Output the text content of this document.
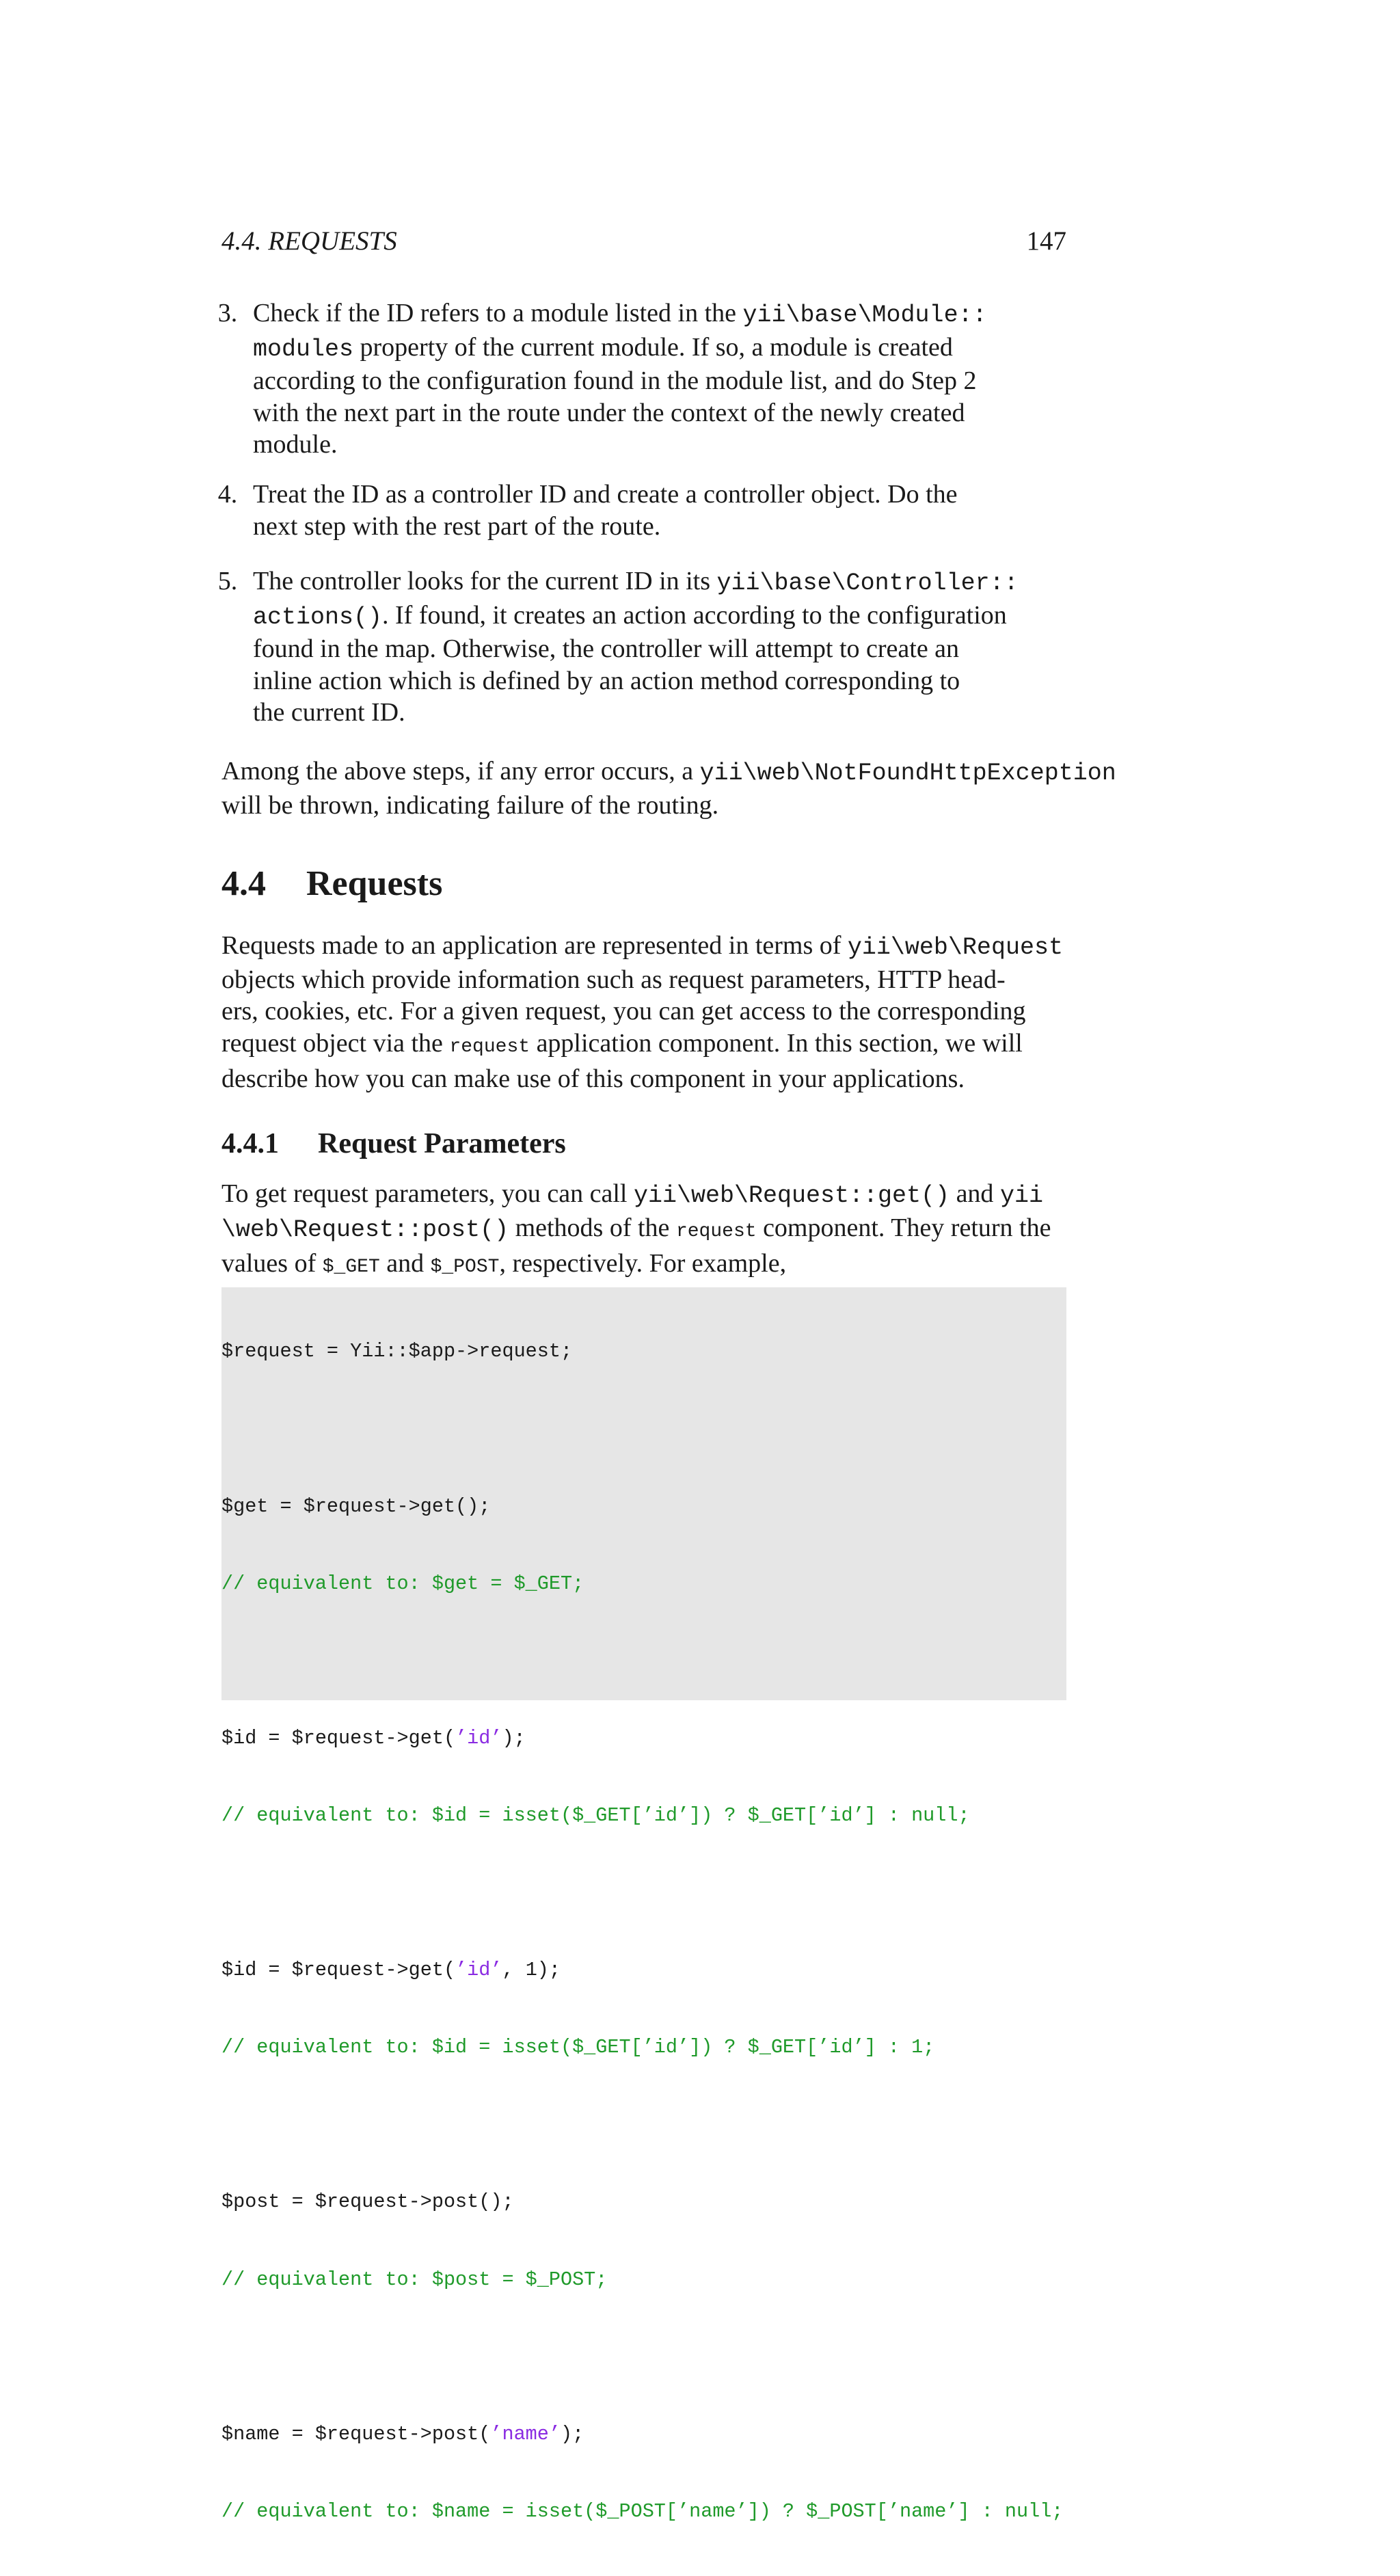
4.4. REQUESTS	147
3. Check if the ID refers to a module listed in the yii\base\Module::
modules property of the current module. If so, a module is created
according to the configuration found in the module list, and do Step 2
with the next part in the route under the context of the newly created
module.
4. Treat the ID as a controller ID and create a controller object. Do the
next step with the rest part of the route.
5. The controller looks for the current ID in its yii\base\Controller::
actions(). If found, it creates an action according to the configuration
found in the map. Otherwise, the controller will attempt to create an
inline action which is defined by an action method corresponding to
the current ID.
Among the above steps, if any error occurs, a yii\web\NotFoundHttpException
will be thrown, indicating failure of the routing.
4.4 Requests
Requests made to an application are represented in terms of yii\web\Request
objects which provide information such as request parameters, HTTP head-
ers, cookies, etc. For a given request, you can get access to the corresponding
request object via the request application component. In this section, we will
describe how you can make use of this component in your applications.
4.4.1 Request Parameters
To get request parameters, you can call yii\web\Request::get() and yii
\web\Request::post() methods of the request component. They return the
values of $_GET and $_POST, respectively. For example,

$request = Yii::$app->request;

$get = $request->get();

// equivalent to: $get = $_GET;

$id = $request->get(’id’);

// equivalent to: $id = isset($_GET[’id’]) ? $_GET[’id’] : null;

$id = $request->get(’id’, 1);

// equivalent to: $id = isset($_GET[’id’]) ? $_GET[’id’] : 1;

$post = $request->post();

// equivalent to: $post = $_POST;

$name = $request->post(’name’);

// equivalent to: $name = isset($_POST[’name’]) ? $_POST[’name’] : null;
